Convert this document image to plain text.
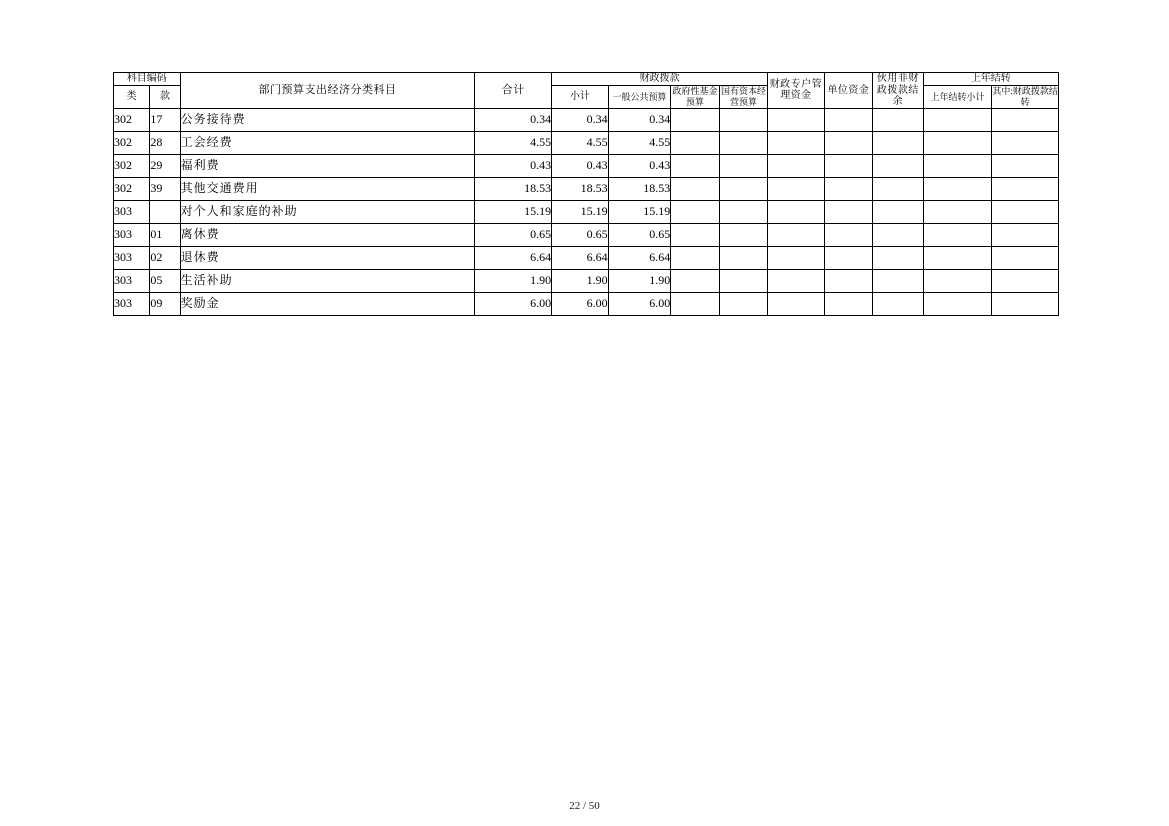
科目编码		部门预算支出经济分类科目	合计	财政拨款				财政专户管理资金	单位资金	伙用非财政拨款结余	上年结转	
类	款			小计	一般公共预算	政府性基金预算	国有资本经营预算				上年结转小计	其中:财政拨款结转
302	17	公务接待费	0.34	0.34	0.34							
302	28	工会经费	4.55	4.55	4.55							
302	29	福利费	0.43	0.43	0.43							
302	39	其他交通费用	18.53	18.53	18.53							
303		对个人和家庭的补助	15.19	15.19	15.19							
303	01	离休费	0.65	0.65	0.65							
303	02	退休费	6.64	6.64	6.64							
303	05	生活补助	1.90	1.90	1.90							
303	09	奖励金	6.00	6.00	6.00							
22 / 50
